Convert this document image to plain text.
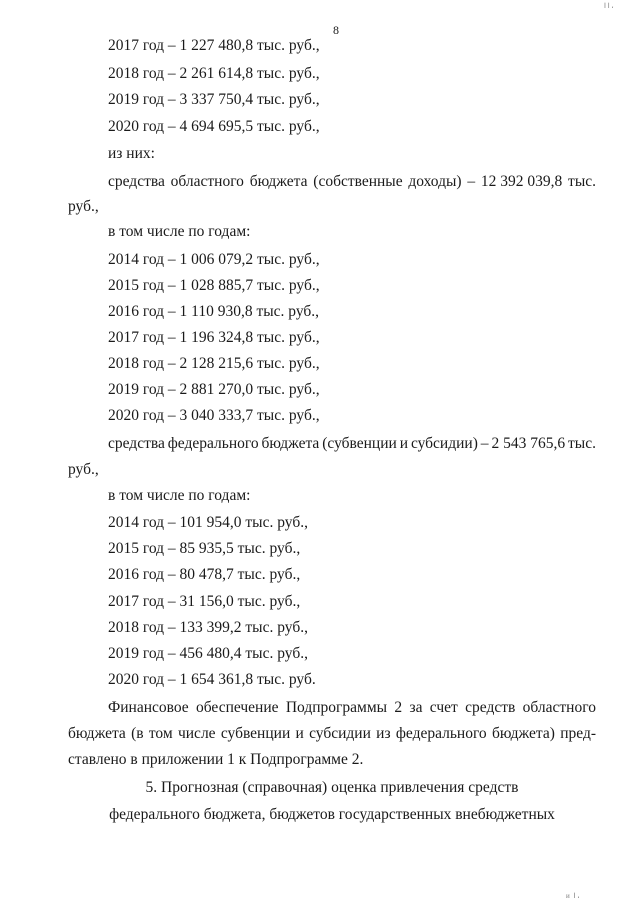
8
ا ا ،
2017 год – 1 227 480,8 тыс. руб.,
2018 год – 2 261 614,8 тыс. руб.,
2019 год – 3 337 750,4 тыс. руб.,
2020 год – 4 694 695,5 тыс. руб.,
из них:
средства областного бюджета (собственные доходы) – 12 392 039,8 тыс.
руб.,
в том числе по годам:
2014 год – 1 006 079,2 тыс. руб.,
2015 год – 1 028 885,7 тыс. руб.,
2016 год – 1 110 930,8 тыс. руб.,
2017 год – 1 196 324,8 тыс. руб.,
2018 год – 2 128 215,6 тыс. руб.,
2019 год – 2 881 270,0 тыс. руб.,
2020 год – 3 040 333,7 тыс. руб.,
средства федерального бюджета (субвенции и субсидии) – 2 543 765,6 тыс.
руб.,
в том числе по годам:
2014 год – 101 954,0 тыс. руб.,
2015 год – 85 935,5 тыс. руб.,
2016 год – 80 478,7 тыс. руб.,
2017 год – 31 156,0 тыс. руб.,
2018 год – 133 399,2 тыс. руб.,
2019 год – 456 480,4 тыс. руб.,
2020 год – 1 654 361,8 тыс. руб.
Финансовое обеспечение Подпрограммы 2 за счет средств областного
бюджета (в том числе субвенции и субсидии из федерального бюджета) пред-
ставлено в приложении 1 к Подпрограмме 2.
5. Прогнозная (справочная) оценка привлечения средств
федерального бюджета, бюджетов государственных внебюджетных
и ا ،
